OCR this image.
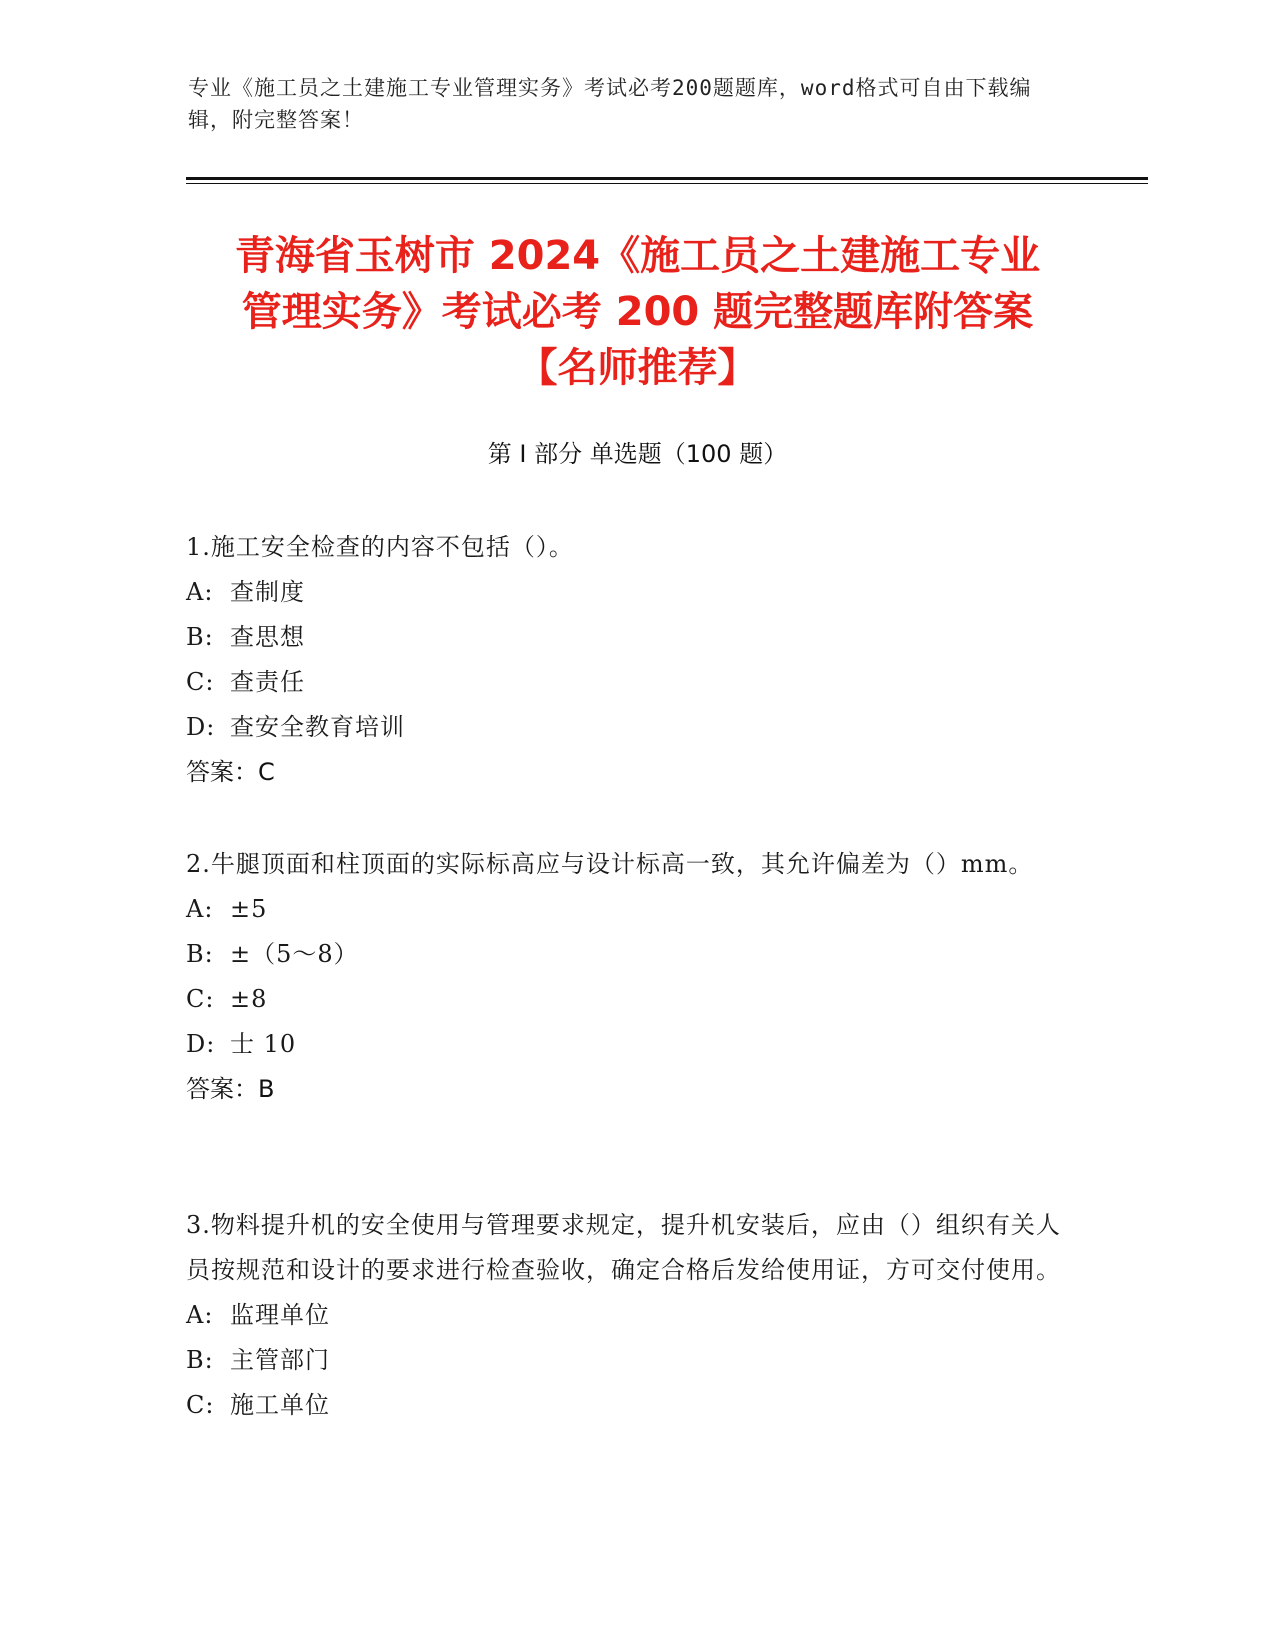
专业《施工员之土建施工专业管理实务》考试必考200题题库，word格式可自由下载编辑，附完整答案！
青海省玉树市 2024《施工员之土建施工专业
管理实务》考试必考 200 题完整题库附答案
【名师推荐】
第 I 部分 单选题（100 题）
1.施工安全检查的内容不包括（）。
A: 查制度
B: 查思想
C: 查责任
D: 查安全教育培训
答案：C
2.牛腿顶面和柱顶面的实际标高应与设计标高一致，其允许偏差为（）mm。
A: ±5
B: ±（5～8）
C: ±8
D: 士 10
答案：B
3.物料提升机的安全使用与管理要求规定，提升机安装后，应由（）组织有关人员按规范和设计的要求进行检查验收，确定合格后发给使用证，方可交付使用。
A: 监理单位
B: 主管部门
C: 施工单位
